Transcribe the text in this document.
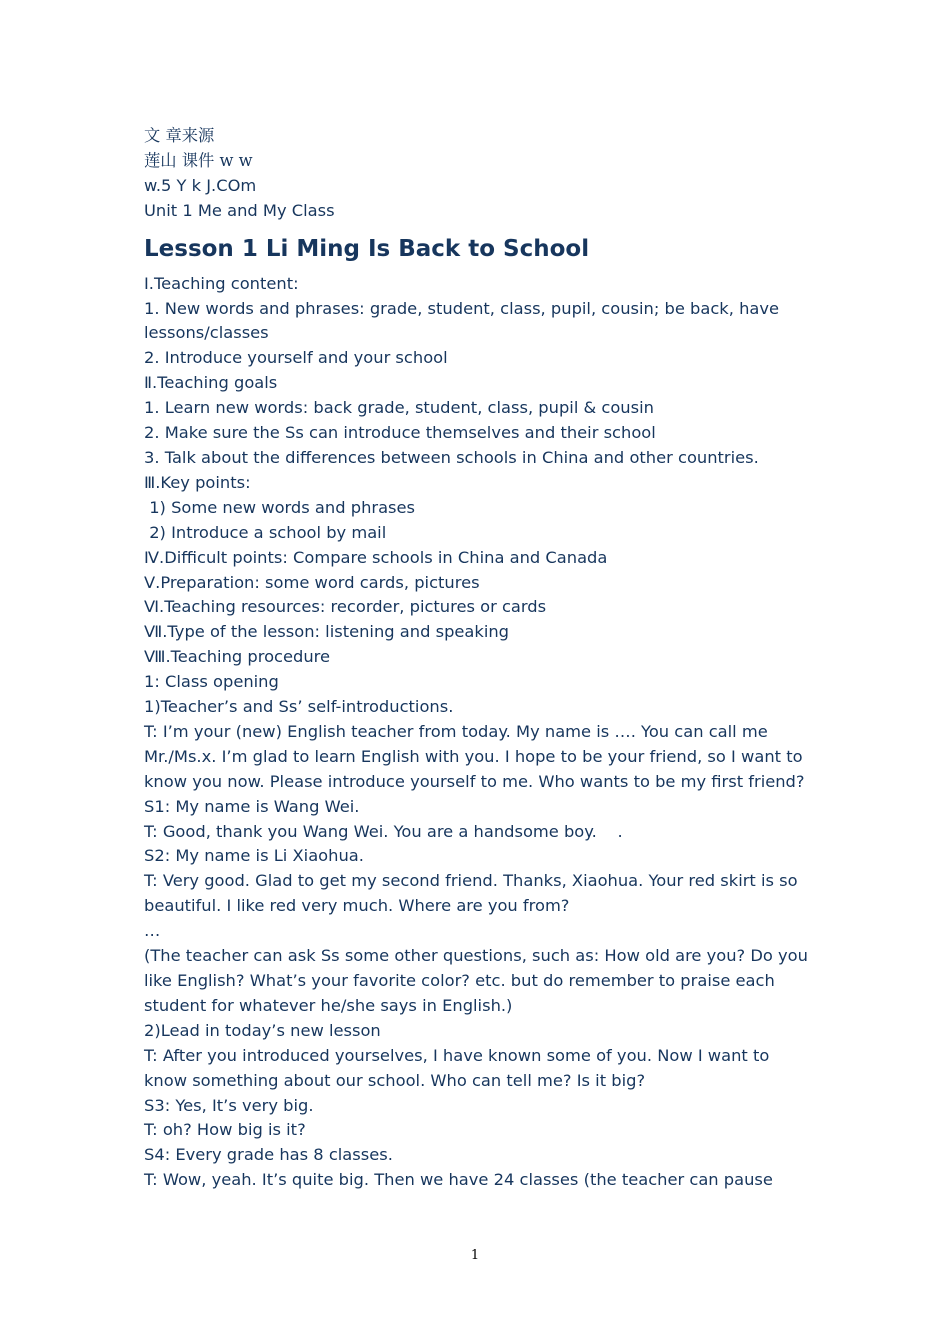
文 章来源
莲山 课件 w w
w.5 Y k J.COm
Unit 1 Me and My Class
Lesson 1 Li Ming Is Back to School
Ⅰ.Teaching content:
1. New words and phrases: grade, student, class, pupil, cousin; be back, have lessons/classes
2. Introduce yourself and your school
Ⅱ.Teaching goals
1. Learn new words: back grade, student, class, pupil & cousin
2. Make sure the Ss can introduce themselves and their school
3. Talk about the differences between schools in China and other countries.
Ⅲ.Key points:
1) Some new words and phrases
2) Introduce a school by mail
Ⅳ.Difficult points: Compare schools in China and Canada
Ⅴ.Preparation: some word cards, pictures
Ⅵ.Teaching resources: recorder, pictures or cards
Ⅶ.Type of the lesson: listening and speaking
Ⅷ.Teaching procedure
1: Class opening
1)Teacher’s and Ss’ self-introductions.
T: I’m your (new) English teacher from today. My name is …. You can call me Mr./Ms.x. I’m glad to learn English with you. I hope to be your friend, so I want to know you now. Please introduce yourself to me. Who wants to be my first friend?
S1: My name is Wang Wei.
T: Good, thank you Wang Wei. You are a handsome boy.    .
S2: My name is Li Xiaohua.
T: Very good. Glad to get my second friend. Thanks, Xiaohua. Your red skirt is so beautiful. I like red very much. Where are you from?
…
(The teacher can ask Ss some other questions, such as: How old are you? Do you like English? What’s your favorite color? etc. but do remember to praise each student for whatever he/she says in English.)
2)Lead in today’s new lesson
T: After you introduced yourselves, I have known some of you. Now I want to know something about our school. Who can tell me? Is it big?
S3: Yes, It’s very big.
T: oh? How big is it?
S4: Every grade has 8 classes.
T: Wow, yeah. It’s quite big. Then we have 24 classes (the teacher can pause
1
